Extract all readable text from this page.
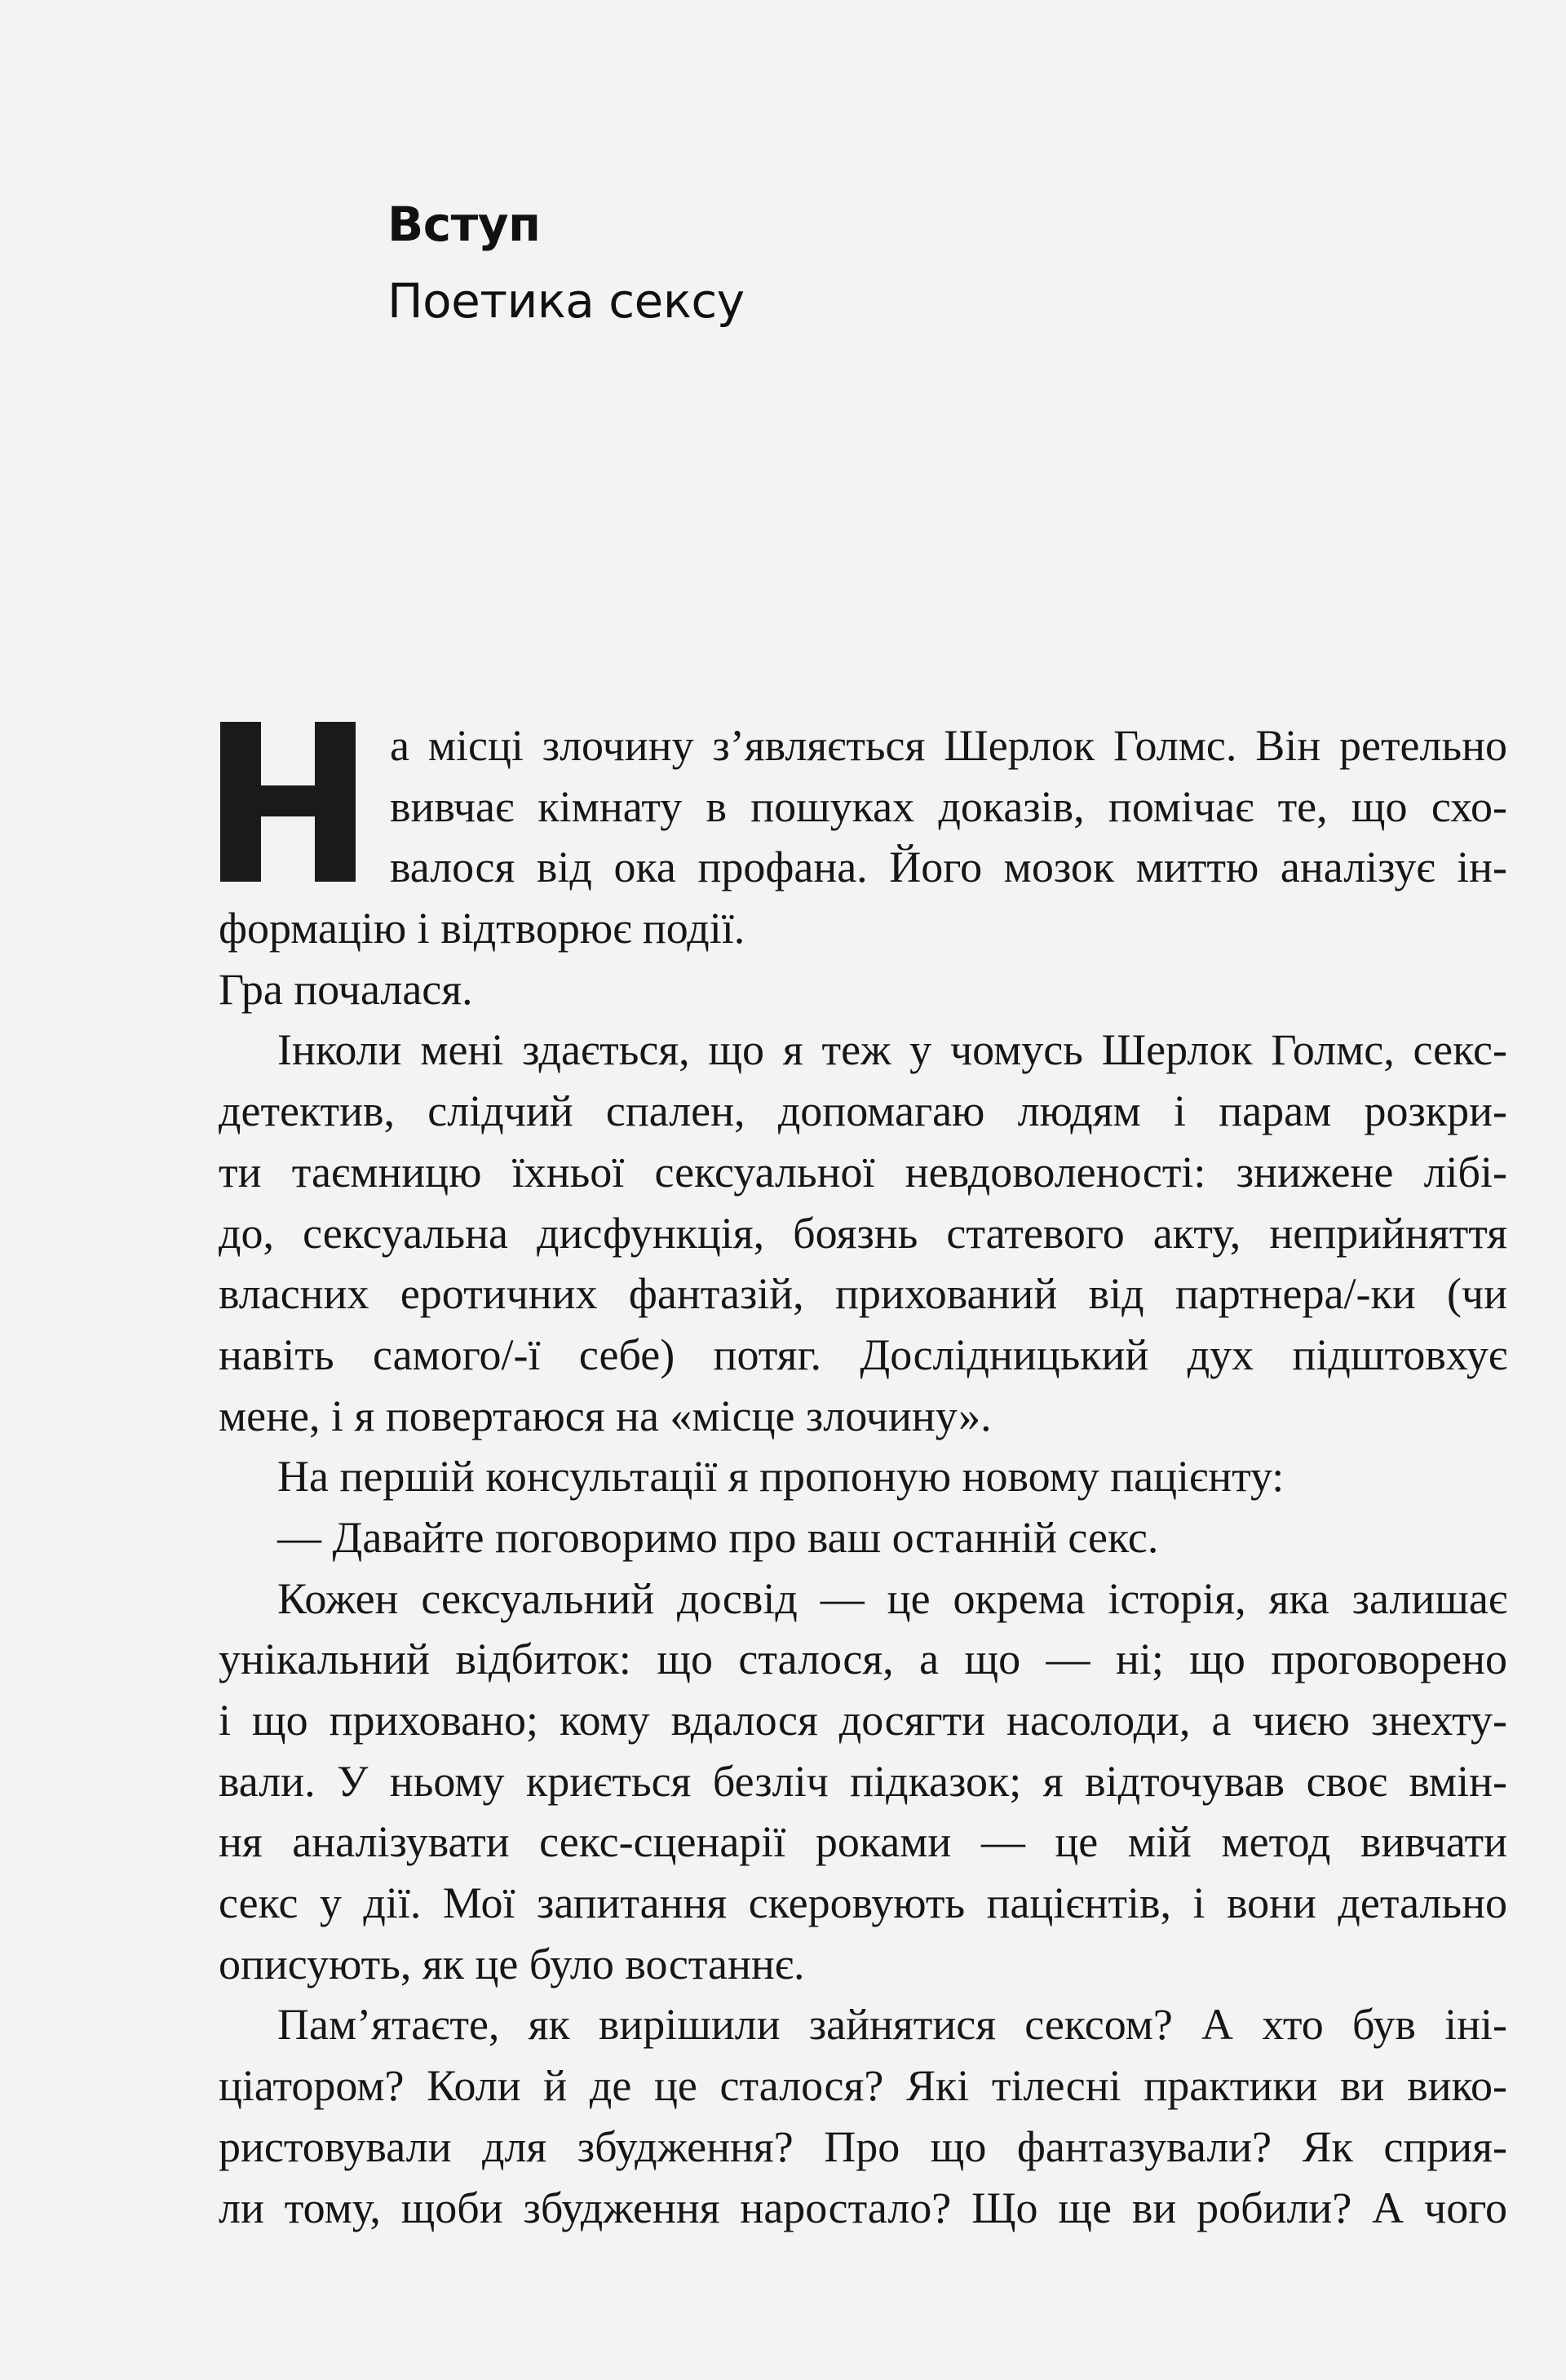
Вступ
Поетика сексу
а місці злочину з’являється Шерлок Голмс. Він ретельно
вивчає кімнату в пошуках доказів, помічає те, що схо-
валося від ока профана. Його мозок миттю аналізує ін-
формацію і відтворює події.
Гра почалася.
Інколи мені здається, що я теж у чомусь Шерлок Голмс, секс-
детектив, слідчий спален, допомагаю людям і парам розкри-
ти таємницю їхньої сексуальної невдоволеності: знижене лібі-
до, сексуальна дисфункція, боязнь статевого акту, неприйняття
власних еротичних фантазій, прихований від партнера/-ки (чи
навіть самого/-ї себе) потяг. Дослідницький дух підштовхує
мене, і я повертаюся на «місце злочину».
На першій консультації я пропоную новому пацієнту:
— Давайте поговоримо про ваш останній секс.
Кожен сексуальний досвід — це окрема історія, яка залишає
унікальний відбиток: що сталося, а що — ні; що проговорено
і що приховано; кому вдалося досягти насолоди, а чиєю знехту-
вали. У ньому криється безліч підказок; я відточував своє вмін-
ня аналізувати секс-сценарії роками — це мій метод вивчати
секс у дії. Мої запитання скеровують пацієнтів, і вони детально
описують, як це було востаннє.
Пам’ятаєте, як вирішили зайнятися сексом? А хто був іні-
ціатором? Коли й де це сталося? Які тілесні практики ви вико-
ристовували для збудження? Про що фантазували? Як сприя-
ли тому, щоби збудження наростало? Що ще ви робили? А чого
